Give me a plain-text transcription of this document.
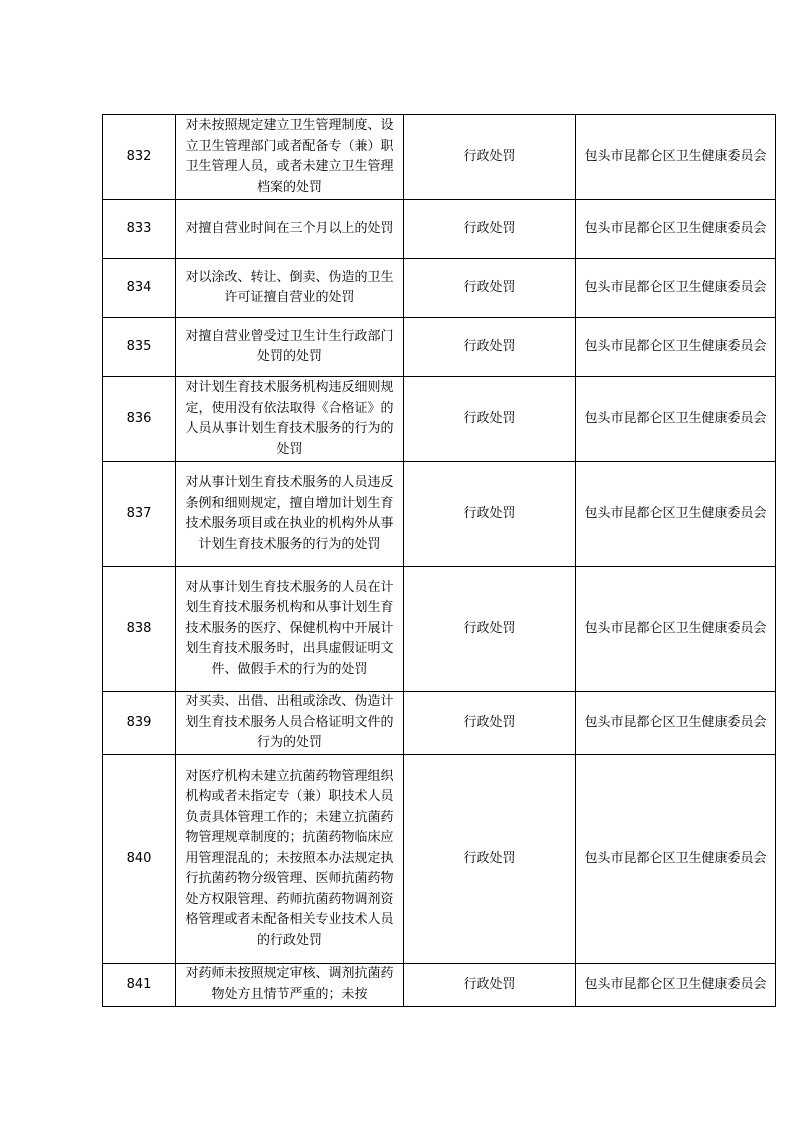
832	对未按照规定建立卫生管理制度、设立卫生管理部门或者配备专（兼）职卫生管理人员，或者未建立卫生管理档案的处罚	行政处罚	包头市昆都仑区卫生健康委员会
833	对擅自营业时间在三个月以上的处罚	行政处罚	包头市昆都仑区卫生健康委员会
834	对以涂改、转让、倒卖、伪造的卫生许可证擅自营业的处罚	行政处罚	包头市昆都仑区卫生健康委员会
835	对擅自营业曾受过卫生计生行政部门处罚的处罚	行政处罚	包头市昆都仑区卫生健康委员会
836	对计划生育技术服务机构违反细则规定，使用没有依法取得《合格证》的人员从事计划生育技术服务的行为的处罚	行政处罚	包头市昆都仑区卫生健康委员会
837	对从事计划生育技术服务的人员违反条例和细则规定，擅自增加计划生育技术服务项目或在执业的机构外从事计划生育技术服务的行为的处罚	行政处罚	包头市昆都仑区卫生健康委员会
838	对从事计划生育技术服务的人员在计划生育技术服务机构和从事计划生育技术服务的医疗、保健机构中开展计划生育技术服务时，出具虚假证明文件、做假手术的行为的处罚	行政处罚	包头市昆都仑区卫生健康委员会
839	对买卖、出借、出租或涂改、伪造计划生育技术服务人员合格证明文件的行为的处罚	行政处罚	包头市昆都仑区卫生健康委员会
840	对医疗机构未建立抗菌药物管理组织机构或者未指定专（兼）职技术人员负责具体管理工作的；未建立抗菌药物管理规章制度的；抗菌药物临床应用管理混乱的；未按照本办法规定执行抗菌药物分级管理、医师抗菌药物处方权限管理、药师抗菌药物调剂资格管理或者未配备相关专业技术人员的行政处罚	行政处罚	包头市昆都仑区卫生健康委员会
841	对药师未按照规定审核、调剂抗菌药物处方且情节严重的；未按	行政处罚	包头市昆都仑区卫生健康委员会
